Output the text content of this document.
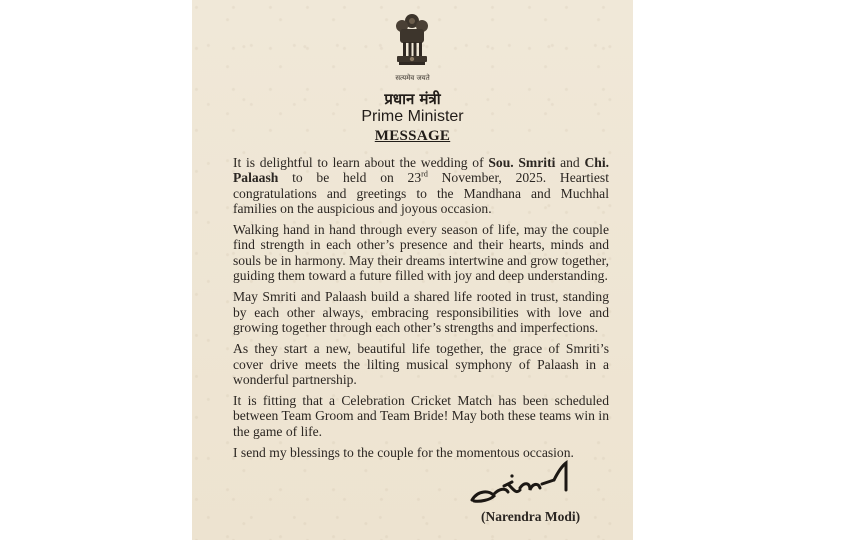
सत्यमेव जयते
प्रधान मंत्री
Prime Minister
MESSAGE

It is delightful to learn about the wedding of Sou. Smriti and Chi. Palaash to be held on 23rd November, 2025. Heartiest congratulations and greetings to the Mandhana and Muchhal families on the auspicious and joyous occasion.

Walking hand in hand through every season of life, may the couple find strength in each other’s presence and their hearts, minds and souls be in harmony. May their dreams intertwine and grow together, guiding them toward a future filled with joy and deep understanding.

May Smriti and Palaash build a shared life rooted in trust, standing by each other always, embracing responsibilities with love and growing together through each other’s strengths and imperfections.

As they start a new, beautiful life together, the grace of Smriti’s cover drive meets the lilting musical symphony of Palaash in a wonderful partnership.

It is fitting that a Celebration Cricket Match has been scheduled between Team Groom and Team Bride! May both these teams win in the game of life.

I send my blessings to the couple for the momentous occasion.

(Narendra Modi)
